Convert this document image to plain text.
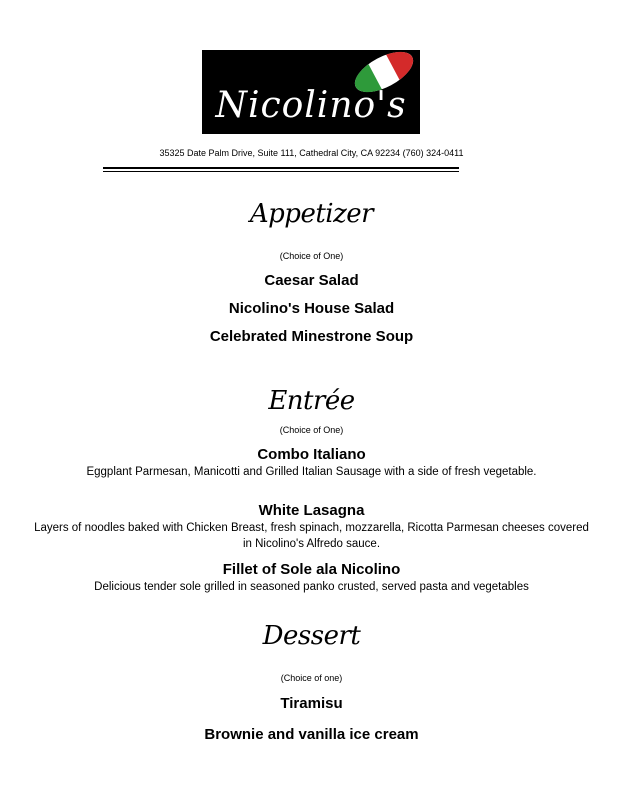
Nicolino's
35325 Date Palm Drive, Suite 111, Cathedral City, CA 92234 (760) 324-0411
Appetizer
(Choice of One)
Caesar Salad
Nicolino's House Salad
Celebrated Minestrone Soup
Entrée
(Choice of One)
Combo Italiano
Eggplant Parmesan, Manicotti and Grilled Italian Sausage with a side of fresh vegetable.
White Lasagna
Layers of noodles baked with Chicken Breast, fresh spinach, mozzarella, Ricotta Parmesan cheeses covered in Nicolino's Alfredo sauce.
Fillet of Sole ala Nicolino
Delicious tender sole grilled in seasoned panko crusted, served pasta and vegetables
Dessert
(Choice of one)
Tiramisu
Brownie and vanilla ice cream
